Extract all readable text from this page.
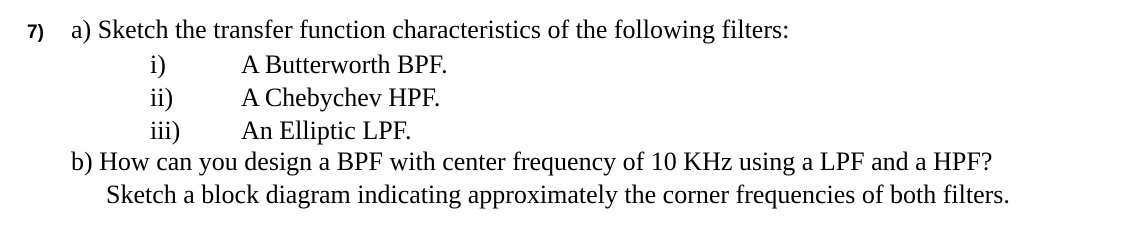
7) a) Sketch the transfer function characteristics of the following filters:
i)	A Butterworth BPF.
ii)	A Chebychev HPF.
iii) An Elliptic LPF.
b) How can you design a BPF with center frequency of 10 KHz using a LPF and a HPF?
Sketch a block diagram indicating approximately the corner frequencies of both filters.
